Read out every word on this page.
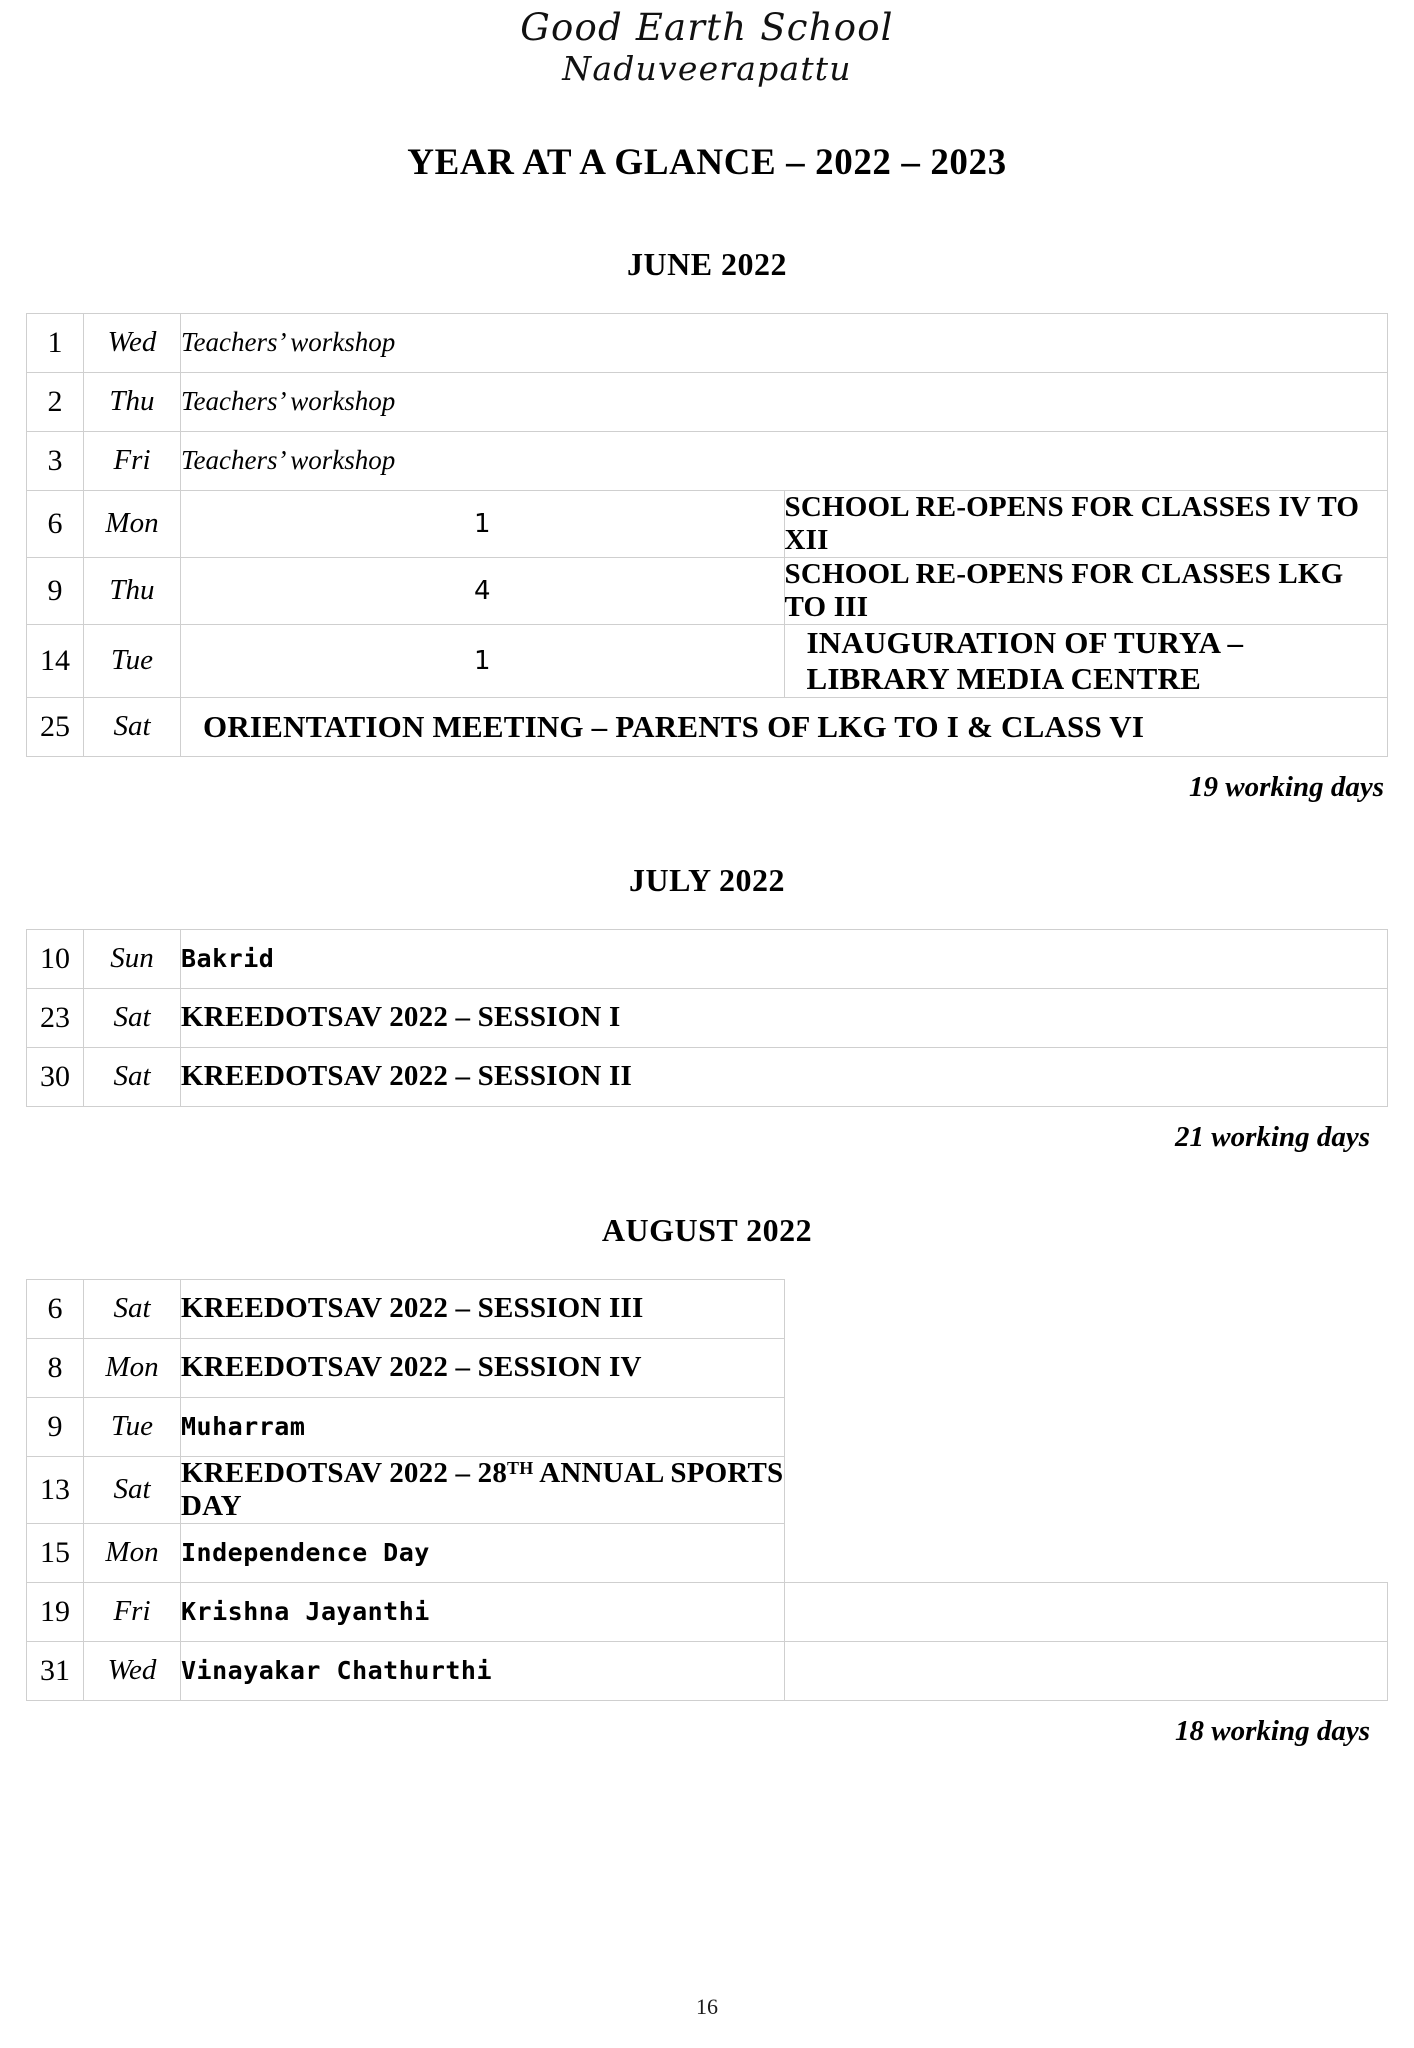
Good Earth School
Naduveerapattu
YEAR AT A GLANCE – 2022 – 2023
JUNE 2022
1	Wed	Teachers’ workshop	
2	Thu	Teachers’ workshop	
3	Fri	Teachers’ workshop	
6	Mon	1	SCHOOL RE-OPENS FOR CLASSES IV TO XII
9	Thu	4	SCHOOL RE-OPENS FOR CLASSES LKG TO III
14	Tue	1	INAUGURATION OF TURYA – LIBRARY MEDIA CENTRE
25	Sat	ORIENTATION MEETING – PARENTS OF LKG TO I & CLASS VI	
19 working days
JULY 2022
10	Sun	Bakrid
23	Sat	KREEDOTSAV 2022 – SESSION I
30	Sat	KREEDOTSAV 2022 – SESSION II
21 working days
AUGUST 2022
6	Sat	KREEDOTSAV 2022 – SESSION III	
8	Mon	KREEDOTSAV 2022 – SESSION IV	
9	Tue	Muharram	
13	Sat	KREEDOTSAV 2022 – 28TH ANNUAL SPORTS DAY	
15	Mon	Independence Day	
19	Fri	Krishna Jayanthi	
31	Wed	Vinayakar Chathurthi	
18 working days
16
